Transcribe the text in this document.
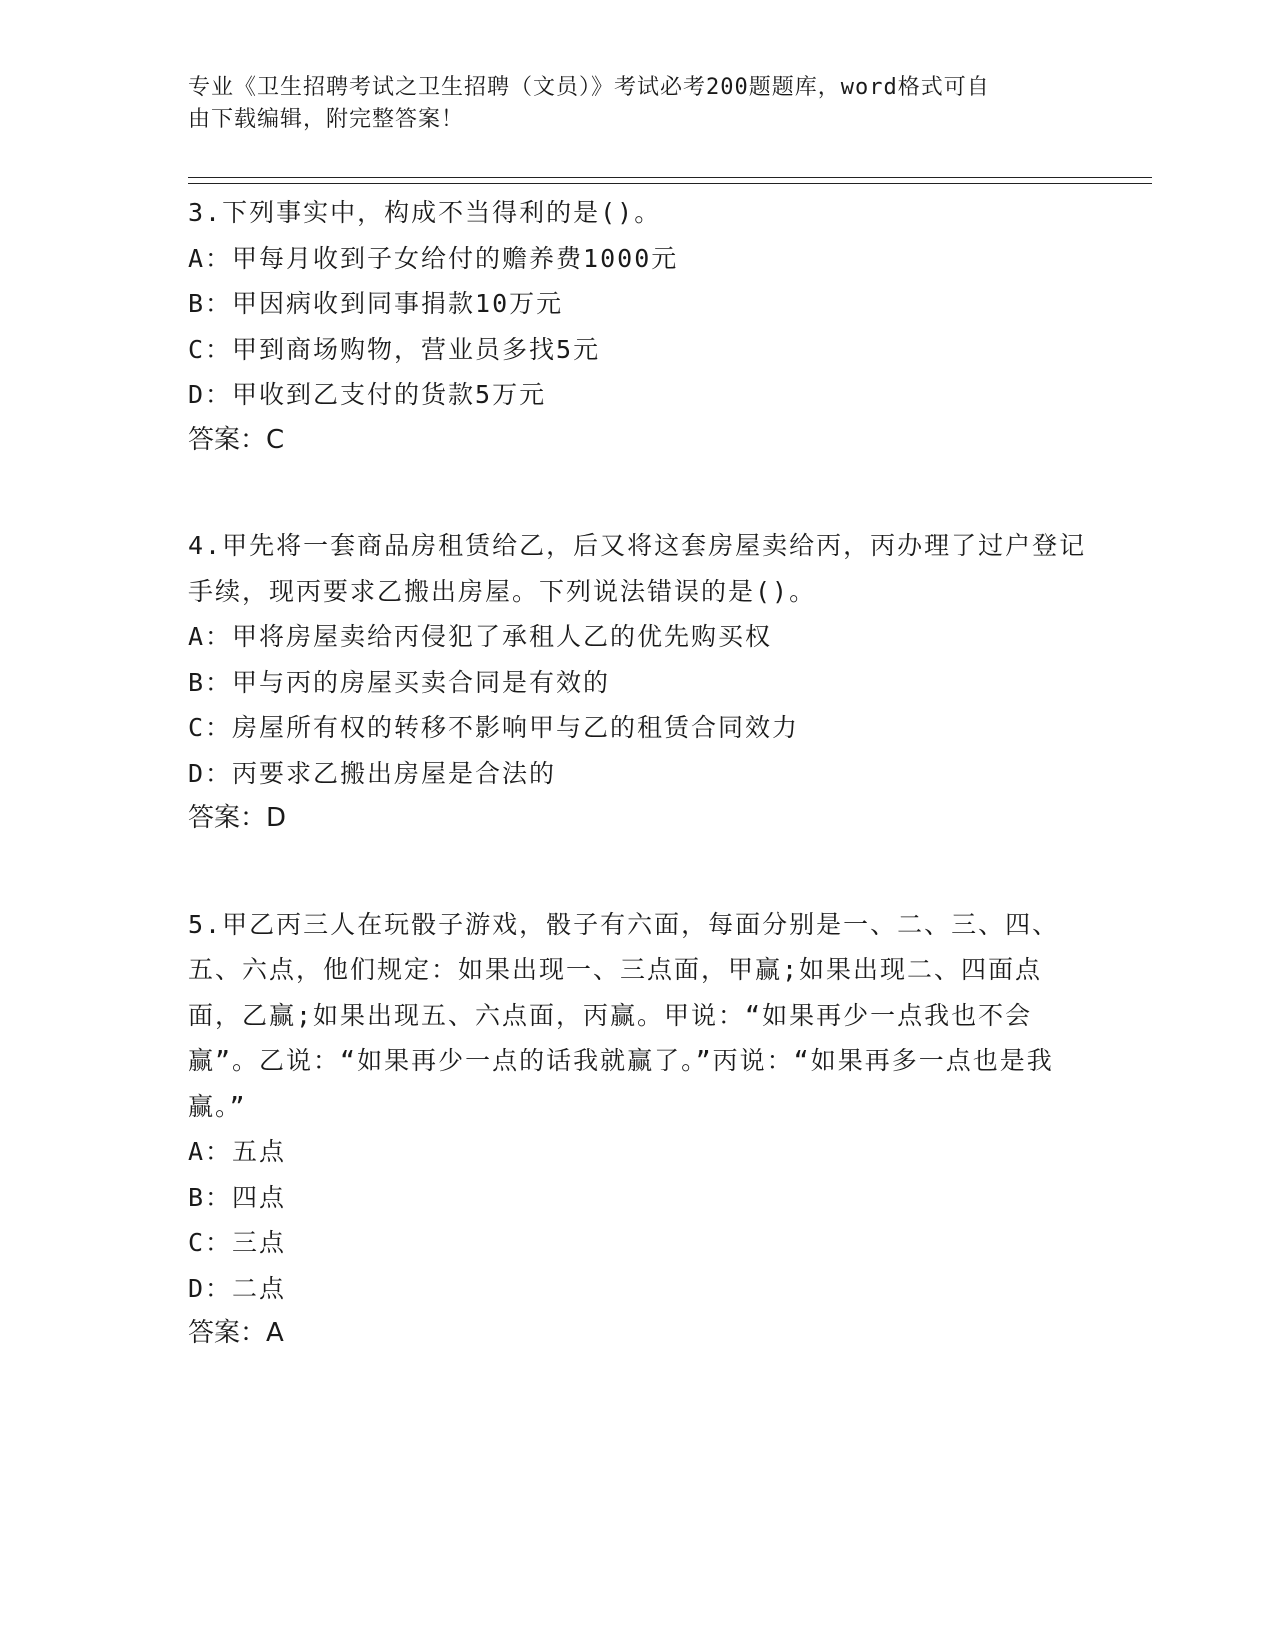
专业《卫生招聘考试之卫生招聘（文员）》考试必考200题题库，word格式可自
由下载编辑，附完整答案！
3.下列事实中，构成不当得利的是()。
A：甲每月收到子女给付的赡养费1000元
B：甲因病收到同事捐款10万元
C：甲到商场购物，营业员多找5元
D：甲收到乙支付的货款5万元
答案：C
4.甲先将一套商品房租赁给乙，后又将这套房屋卖给丙，丙办理了过户登记手续，现丙要求乙搬出房屋。下列说法错误的是()。
A：甲将房屋卖给丙侵犯了承租人乙的优先购买权
B：甲与丙的房屋买卖合同是有效的
C：房屋所有权的转移不影响甲与乙的租赁合同效力
D：丙要求乙搬出房屋是合法的
答案：D
5.甲乙丙三人在玩骰子游戏，骰子有六面，每面分别是一、二、三、四、五、六点，他们规定：如果出现一、三点面，甲赢;如果出现二、四面点面，乙赢;如果出现五、六点面，丙赢。甲说：“如果再少一点我也不会赢”。乙说：“如果再少一点的话我就赢了。”丙说：“如果再多一点也是我赢。”
A：五点
B：四点
C：三点
D：二点
答案：A
